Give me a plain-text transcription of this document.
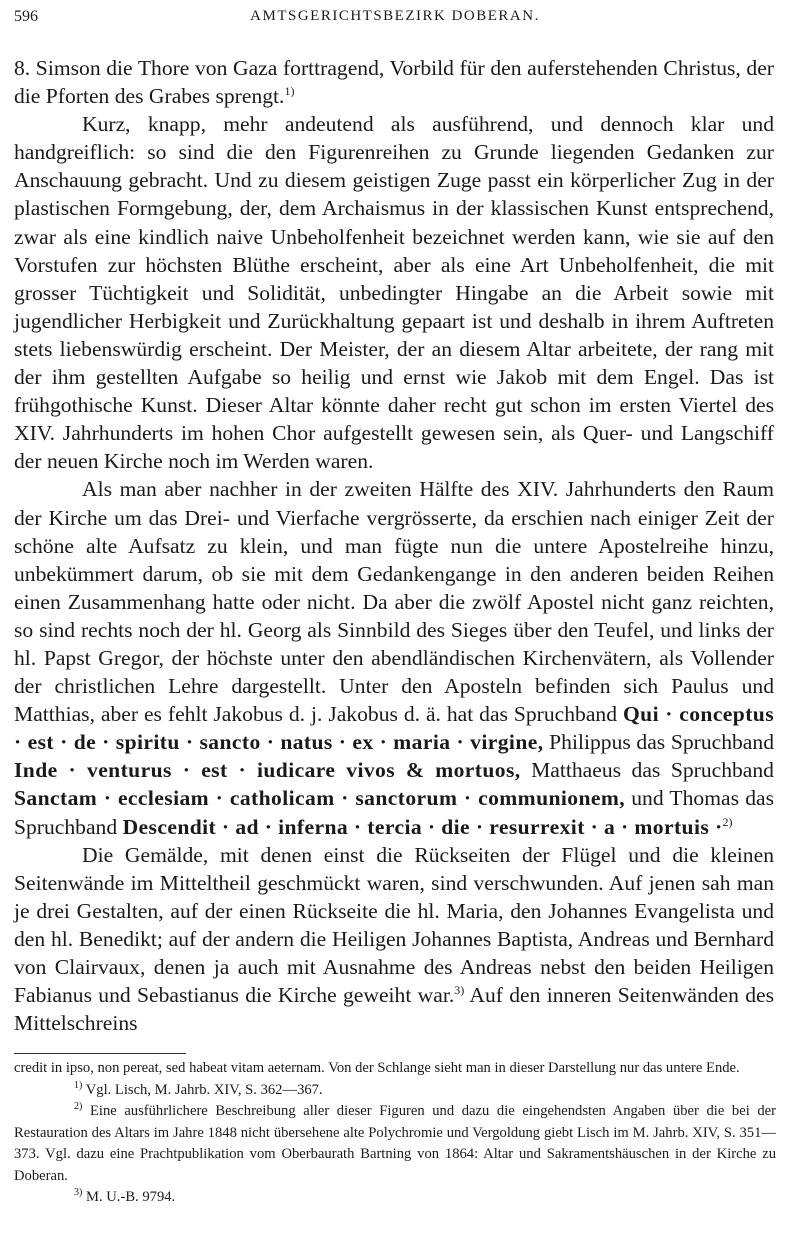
596	AMTSGERICHTSBEZIRK DOBERAN.

8. Simson die Thore von Gaza forttragend, Vorbild für den auferstehenden Christus, der die Pforten des Grabes sprengt.$^{1)}$

Kurz, knapp, mehr andeutend als ausführend, und dennoch klar und handgreiflich: so sind die den Figurenreihen zu Grunde liegenden Gedanken zur Anschauung gebracht. Und zu diesem geistigen Zuge passt ein körperlicher Zug in der plastischen Formgebung, der, dem Archaismus in der klassischen Kunst entsprechend, zwar als eine kindlich naive Unbeholfenheit bezeichnet werden kann, wie sie auf den Vorstufen zur höchsten Blüthe erscheint, aber als eine Art Unbeholfenheit, die mit grosser Tüchtigkeit und Solidität, unbedingter Hingabe an die Arbeit sowie mit jugendlicher Herbigkeit und Zurückhaltung gepaart ist und deshalb in ihrem Auftreten stets liebenswürdig erscheint. Der Meister, der an diesem Altar arbeitete, der rang mit der ihm gestellten Aufgabe so heilig und ernst wie Jakob mit dem Engel. Das ist frühgothische Kunst. Dieser Altar könnte daher recht gut schon im ersten Viertel des XIV. Jahrhunderts im hohen Chor aufgestellt gewesen sein, als Quer- und Langschiff der neuen Kirche noch im Werden waren.

Als man aber nachher in der zweiten Hälfte des XIV. Jahrhunderts den Raum der Kirche um das Drei- und Vierfache vergrösserte, da erschien nach einiger Zeit der schöne alte Aufsatz zu klein, und man fügte nun die untere Apostelreihe hinzu, unbekümmert darum, ob sie mit dem Gedankengange in den anderen beiden Reihen einen Zusammenhang hatte oder nicht. Da aber die zwölf Apostel nicht ganz reichten, so sind rechts noch der hl. Georg als Sinnbild des Sieges über den Teufel, und links der hl. Papst Gregor, der höchste unter den abendländischen Kirchenvätern, als Vollender der christlichen Lehre dargestellt. Unter den Aposteln befinden sich Paulus und Matthias, aber es fehlt Jakobus d. j. Jakobus d. ä. hat das Spruchband Qui · conceptus · est · de · spiritu · sancto · natus · ex · maria · virgine, Philippus das Spruchband Inde · venturus · est · iudicare vivos & mortuos, Matthaeus das Spruchband Sanctam · ecclesiam · catholicam · sanctorum · communionem, und Thomas das Spruchband Descendit · ad · inferna · tercia · die · resurrexit · a · mortuis ·$^{2)}$

Die Gemälde, mit denen einst die Rückseiten der Flügel und die kleinen Seitenwände im Mitteltheil geschmückt waren, sind verschwunden. Auf jenen sah man je drei Gestalten, auf der einen Rückseite die hl. Maria, den Johannes Evangelista und den hl. Benedikt; auf der andern die Heiligen Johannes Baptista, Andreas und Bernhard von Clairvaux, denen ja auch mit Ausnahme des Andreas nebst den beiden Heiligen Fabianus und Sebastianus die Kirche geweiht war.$^{3)}$ Auf den inneren Seitenwänden des Mittelschreins

credit in ipso, non pereat, sed habeat vitam aeternam. Von der Schlange sieht man in dieser Darstellung nur das untere Ende.

$^{1)}$ Vgl. Lisch, M. Jahrb. XIV, S. 362—367.

$^{2)}$ Eine ausführlichere Beschreibung aller dieser Figuren und dazu die eingehendsten Angaben über die bei der Restauration des Altars im Jahre 1848 nicht übersehene alte Polychromie und Vergoldung giebt Lisch im M. Jahrb. XIV, S. 351—373. Vgl. dazu eine Prachtpublikation vom Oberbaurath Bartning von 1864: Altar und Sakramentshäuschen in der Kirche zu Doberan.

$^{3)}$ M. U.-B. 9794.
